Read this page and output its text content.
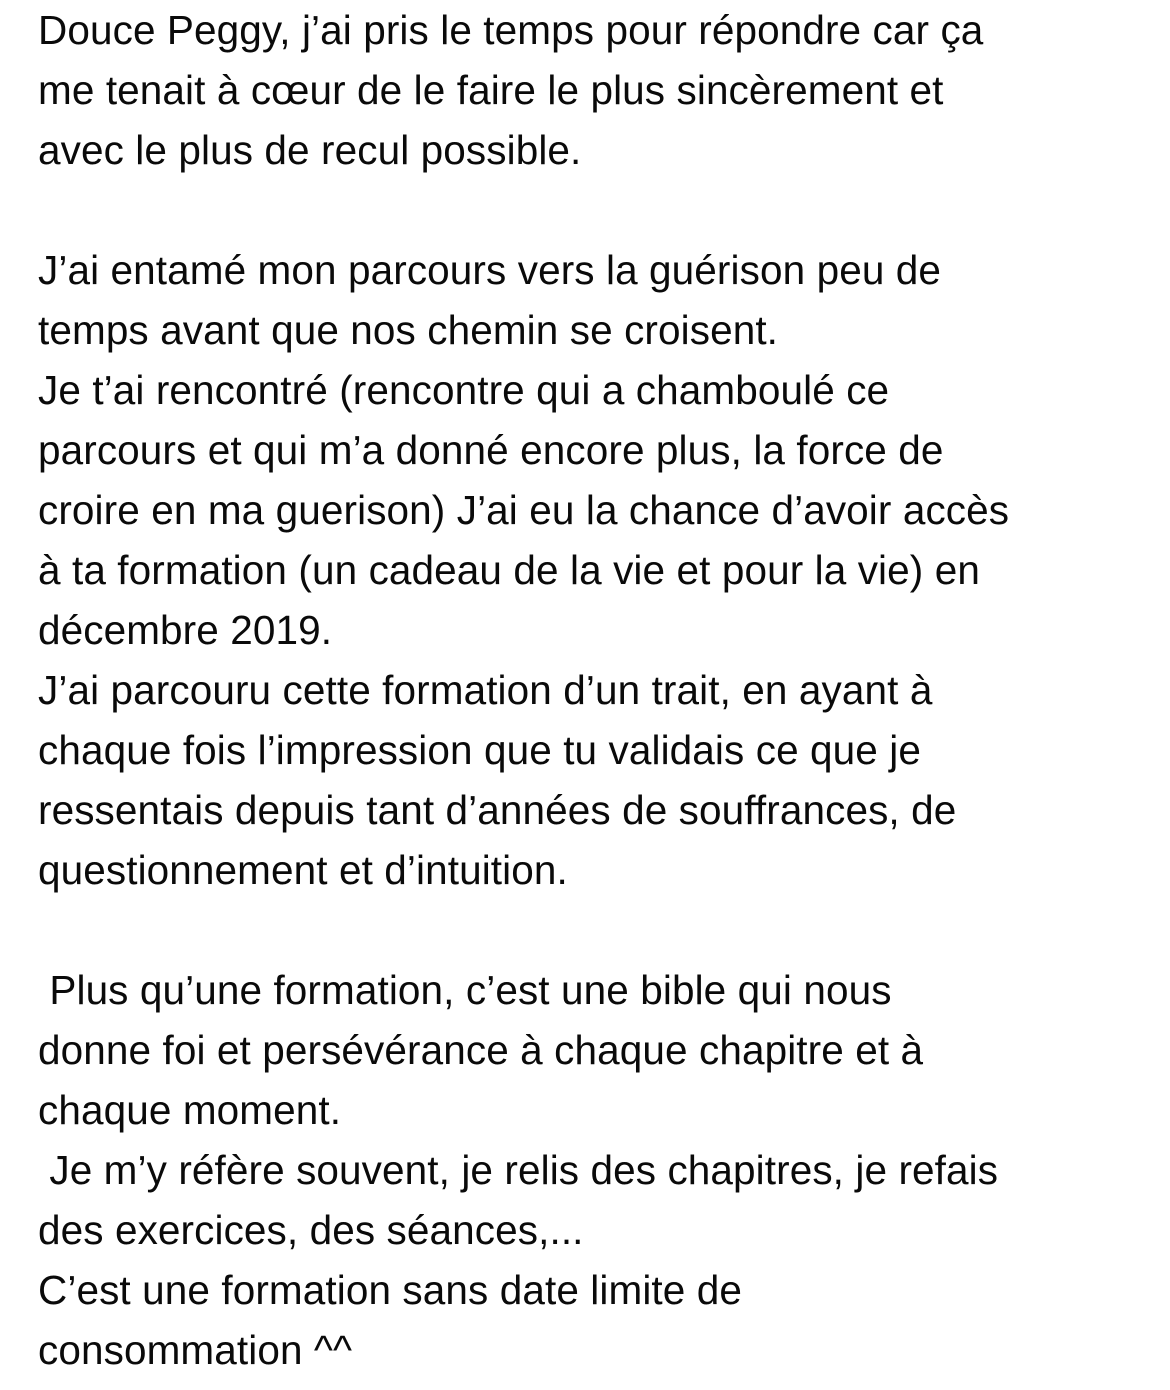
Douce Peggy, j’ai pris le temps pour répondre car ça
me tenait à cœur de le faire le plus sincèrement et
avec le plus de recul possible.
J’ai entamé mon parcours vers la guérison peu de
temps avant que nos chemin se croisent.
Je t’ai rencontré (rencontre qui a chamboulé ce
parcours et qui m’a donné encore plus, la force de
croire en ma guerison) J’ai eu la chance d’avoir accès
à ta formation (un cadeau de la vie et pour la vie) en
décembre 2019.
J’ai parcouru cette formation d’un trait, en ayant à
chaque fois l’impression que tu validais ce que je
ressentais depuis tant d’années de souffrances, de
questionnement et d’intuition.
Plus qu’une formation, c’est une bible qui nous
donne foi et persévérance à chaque chapitre et à
chaque moment.
Je m’y réfère souvent, je relis des chapitres, je refais
des exercices, des séances,...
C’est une formation sans date limite de
consommation ^^
